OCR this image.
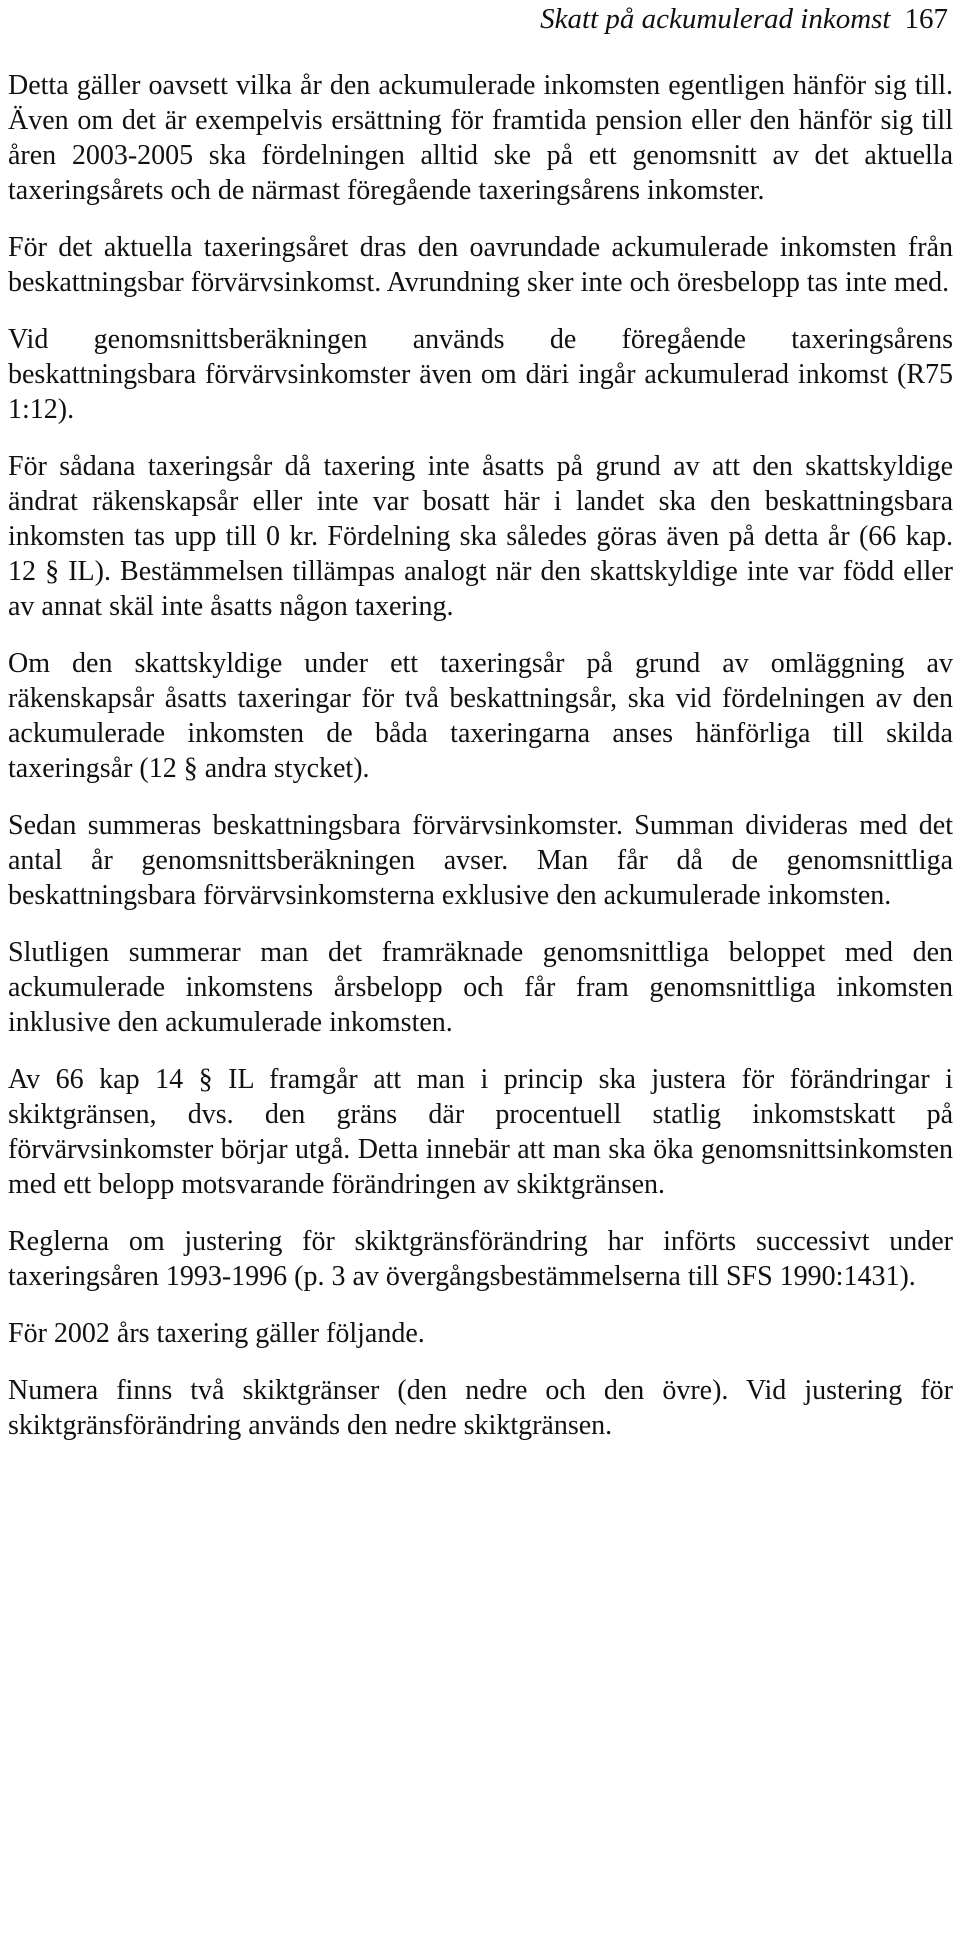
Skatt på ackumulerad inkomst 167

Detta gäller oavsett vilka år den ackumulerade inkomsten egentligen hänför sig till. Även om det är exempelvis ersättning för framtida pension eller den hänför sig till åren 2003-2005 ska fördelningen alltid ske på ett genomsnitt av det aktuella taxeringsårets och de närmast föregående taxeringsårens inkomster.

För det aktuella taxeringsåret dras den oavrundade ackumulerade inkomsten från beskattningsbar förvärvsinkomst. Avrundning sker inte och öresbelopp tas inte med.

Vid genomsnittsberäkningen används de föregående taxeringsårens beskattningsbara förvärvsinkomster även om däri ingår ackumulerad inkomst (R75 1:12).

För sådana taxeringsår då taxering inte åsatts på grund av att den skattskyldige ändrat räkenskapsår eller inte var bosatt här i landet ska den beskattningsbara inkomsten tas upp till 0 kr. Fördelning ska således göras även på detta år (66 kap. 12 § IL). Bestämmelsen tillämpas analogt när den skattskyldige inte var född eller av annat skäl inte åsatts någon taxering.

Om den skattskyldige under ett taxeringsår på grund av omläggning av räkenskapsår åsatts taxeringar för två beskattningsår, ska vid fördelningen av den ackumulerade inkomsten de båda taxeringarna anses hänförliga till skilda taxeringsår (12 § andra stycket).

Sedan summeras beskattningsbara förvärvsinkomster. Summan divideras med det antal år genomsnittsberäkningen avser. Man får då de genomsnittliga beskattningsbara förvärvsinkomsterna exklusive den ackumulerade inkomsten.

Slutligen summerar man det framräknade genomsnittliga beloppet med den ackumulerade inkomstens årsbelopp och får fram genomsnittliga inkomsten inklusive den ackumulerade inkomsten.

Av 66 kap 14 § IL framgår att man i princip ska justera för förändringar i skiktgränsen, dvs. den gräns där procentuell statlig inkomstskatt på förvärvsinkomster börjar utgå. Detta innebär att man ska öka genomsnittsinkomsten med ett belopp motsvarande förändringen av skiktgränsen.

Reglerna om justering för skiktgränsförändring har införts successivt under taxeringsåren 1993-1996 (p. 3 av övergångsbestämmelserna till SFS 1990:1431).

För 2002 års taxering gäller följande.

Numera finns två skiktgränser (den nedre och den övre). Vid justering för skiktgränsförändring används den nedre skiktgränsen.
